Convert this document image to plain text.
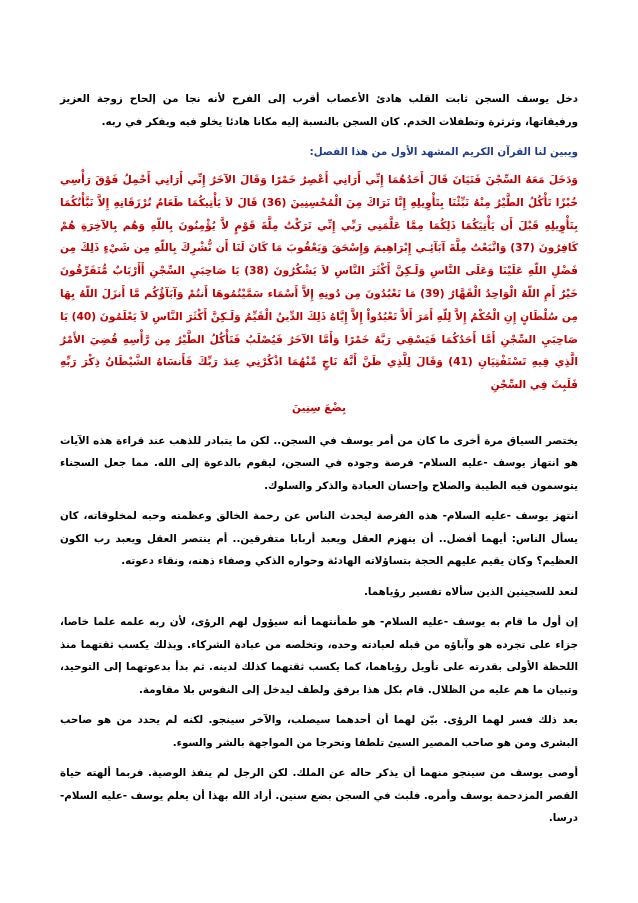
دخل يوسف السجن ثابت القلب هادئ الأعصاب أقرب إلى الفرح لأنه نجا من إلحاح زوجة العزيز ورفيقاتها، وثرثرة وتطفلات الخدم. كان السجن بالنسبة إليه مكانا هادئا يخلو فيه ويفكر في ربه.

ويبين لنا القرآن الكريم المشهد الأول من هذا الفصل:

وَدَخَلَ مَعَهُ السِّجْنَ فَتَيَانَ قَالَ أَحَدُهُمَا إِنِّي أَرَانِي أَعْصِرُ خَمْرًا وَقَالَ الآخَرُ إِنِّي أَرَانِي أَحْمِلُ فَوْقَ رَأْسِي خُبْزًا تَأْكُلُ الطَّيْرُ مِنْهُ نَبِّئْنَا بِتَأْوِيلِهِ إِنَّا نَرَاكَ مِنَ الْمُحْسِنِينَ (36) قَالَ لاَ يَأْتِيكُمَا طَعَامٌ تُرْزَقَانِهِ إِلاَّ نَبَّأْتُكُمَا بِتَأْوِيلِهِ قَبْلَ أَن يَأْتِيَكُمَا ذَلِكُمَا مِمَّا عَلَّمَنِي رَبِّي إِنِّي تَرَكْتُ مِلَّةَ قَوْمٍ لاَّ يُؤْمِنُونَ بِاللّهِ وَهُم بِالآخِرَةِ هُمْ كَافِرُونَ (37) وَاتَّبَعْتُ مِلَّةَ آبَآئِـي إِبْرَاهِيمَ وَإِسْحَقَ وَيَعْقُوبَ مَا كَانَ لَنَا أَن نُّشْرِكَ بِاللّهِ مِن شَيْءٍ ذَلِكَ مِن فَضْلِ اللّهِ عَلَيْنَا وَعَلَى النَّاسِ وَلَـكِنَّ أَكْثَرَ النَّاسِ لاَ يَشْكُرُونَ (38) يَا صَاحِبَيِ السِّجْنِ أَأَرْبَابٌ مُّتَفَرِّقُونَ خَيْرٌ أَمِ اللّهُ الْوَاحِدُ الْقَهَّارُ (39) مَا تَعْبُدُونَ مِن دُونِهِ إِلاَّ أَسْمَاء سَمَّيْتُمُوهَا أَنتُمْ وَآبَآؤُكُم مَّا أَنزَلَ اللّهُ بِهَا مِن سُلْطَانٍ إِنِ الْحُكْمُ إِلاَّ لِلّهِ أَمَرَ أَلاَّ تَعْبُدُواْ إِلاَّ إِيَّاهُ ذَلِكَ الدِّينُ الْقَيِّمُ وَلَـكِنَّ أَكْثَرَ النَّاسِ لاَ يَعْلَمُونَ (40) يَا صَاحِبَيِ السِّجْنِ أَمَّا أَحَدُكُمَا فَيَسْقِي رَبَّهُ خَمْرًا وَأَمَّا الآخَرُ فَيُصْلَبُ فَتَأْكُلُ الطَّيْرُ مِن رَّأْسِهِ قُضِيَ الأَمْرُ الَّذِي فِيهِ تَسْتَفْتِيَانِ (41) وَقَالَ لِلَّذِي ظَنَّ أَنَّهُ نَاجٍ مِّنْهُمَا اذْكُرْنِي عِندَ رَبِّكَ فَأَنسَاهُ الشَّيْطَانُ ذِكْرَ رَبِّهِ فَلَبِثَ فِي السِّجْنِ
بِضْعَ سِنِينَ

يختصر السياق مرة أخرى ما كان من أمر يوسف في السجن.. لكن ما يتبادر للذهب عند قراءة هذه الآيات هو انتهاز يوسف -عليه السلام- فرصة وجوده في السجن، ليقوم بالدعوة إلى الله. مما جعل السجناء يتوسمون فيه الطيبة والصلاح وإحسان العبادة والذكر والسلوك.

انتهز يوسف -عليه السلام- هذه الفرصة ليحدث الناس عن رحمة الخالق وعظمته وحبه لمخلوقاته، كان يسأل الناس: أيهما أفضل.. أن ينهزم العقل ويعبد أربابا متفرقين.. أم ينتصر العقل ويعبد رب الكون العظيم؟ وكان يقيم عليهم الحجة بتساؤلاته الهادئة وحواره الذكي وصفاء ذهنه، ونقاء دعوته.

لنعد للسجينين الذين سألاه تفسير رؤياهما.

إن أول ما قام به يوسف -عليه السلام- هو طمأنتهما أنه سيؤول لهم الرؤى، لأن ربه علمه علما خاصا، جزاء على تجرده هو وآباؤه من قبله لعبادته وحده، وتخلصه من عبادة الشركاء. وبذلك يكسب ثقتهما منذ اللحظة الأولى بقدرته على تأويل رؤياهما، كما يكسب ثقتهما كذلك لدينه. ثم بدأ بدعوتهما إلى التوحيد، وتبيان ما هم عليه من الظلال. قام بكل هذا برفق ولطف ليدخل إلى النفوس بلا مقاومة.

بعد ذلك فسر لهما الرؤى. بيّن لهما أن أحدهما سيصلب، والآخر سينجو. لكنه لم يحدد من هو صاحب البشرى ومن هو صاحب المصير السيئ تلطفا وتحرجا من المواجهة بالشر والسوء.

أوصى يوسف من سينجو منهما أن يذكر حاله عن الملك. لكن الرجل لم ينفذ الوصية. فربما ألهته حياة القصر المزدحمة يوسف وأمره. فلبث في السجن بضع سنين. أراد الله بهذا أن يعلم يوسف -عليه السلام- درسا.
